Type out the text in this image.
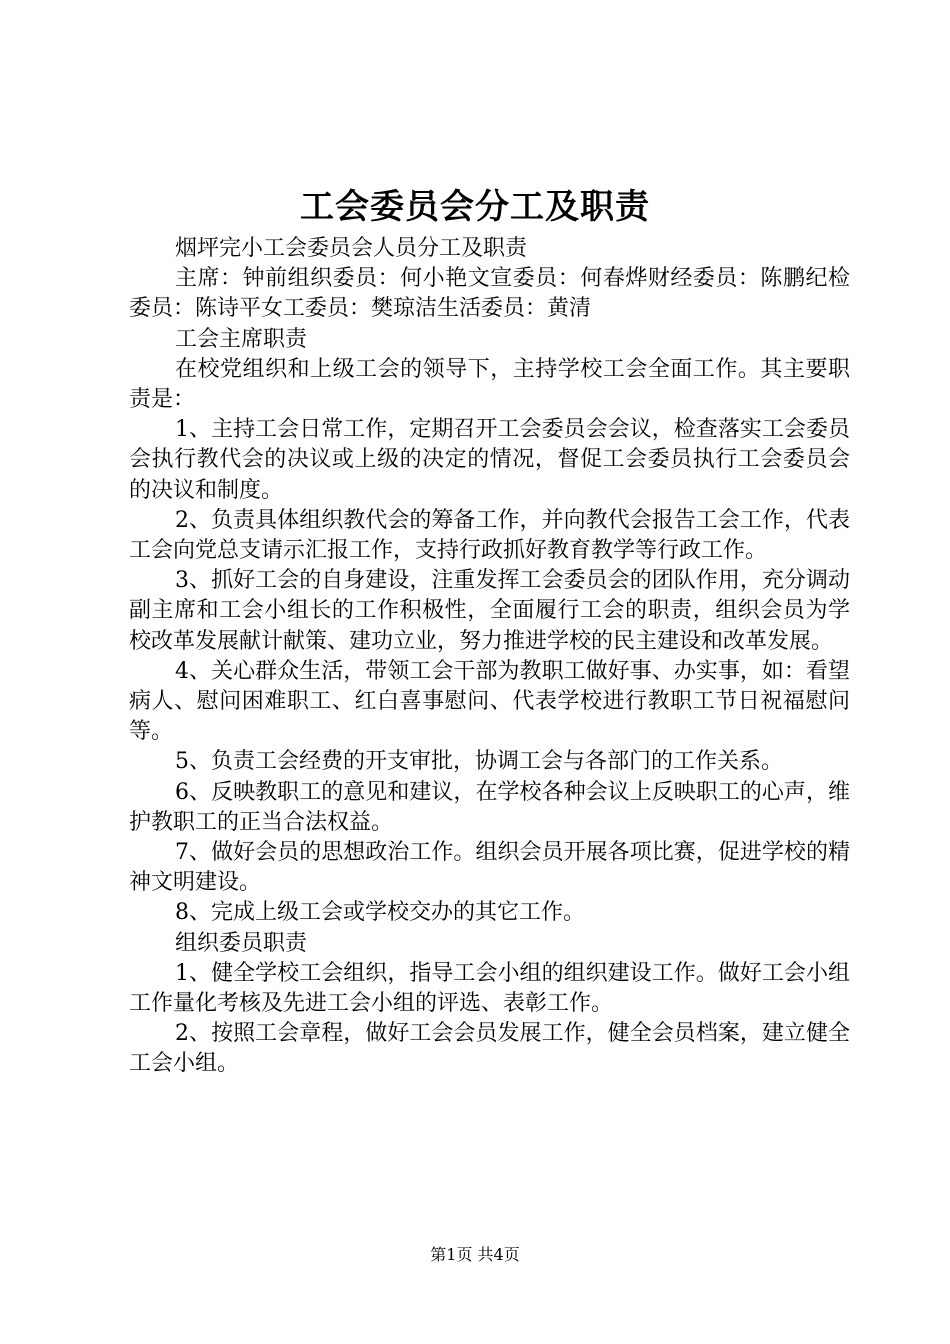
工会委员会分工及职责

烟坪完小工会委员会人员分工及职责

主席：钟前组织委员：何小艳文宣委员：何春烨财经委员：陈鹏纪检委员：陈诗平女工委员：樊琼洁生活委员：黄清

工会主席职责

在校党组织和上级工会的领导下，主持学校工会全面工作。其主要职责是：

1、主持工会日常工作，定期召开工会委员会会议，检查落实工会委员会执行教代会的决议或上级的决定的情况，督促工会委员执行工会委员会的决议和制度。

2、负责具体组织教代会的筹备工作，并向教代会报告工会工作，代表工会向党总支请示汇报工作，支持行政抓好教育教学等行政工作。

3、抓好工会的自身建设，注重发挥工会委员会的团队作用，充分调动副主席和工会小组长的工作积极性，全面履行工会的职责，组织会员为学校改革发展献计献策、建功立业，努力推进学校的民主建设和改革发展。

4、关心群众生活，带领工会干部为教职工做好事、办实事，如：看望病人、慰问困难职工、红白喜事慰问、代表学校进行教职工节日祝福慰问等。

5、负责工会经费的开支审批，协调工会与各部门的工作关系。

6、反映教职工的意见和建议，在学校各种会议上反映职工的心声，维护教职工的正当合法权益。

7、做好会员的思想政治工作。组织会员开展各项比赛，促进学校的精神文明建设。

8、完成上级工会或学校交办的其它工作。

组织委员职责

1、健全学校工会组织，指导工会小组的组织建设工作。做好工会小组工作量化考核及先进工会小组的评选、表彰工作。

2、按照工会章程，做好工会会员发展工作，健全会员档案，建立健全工会小组。

第1页 共4页
